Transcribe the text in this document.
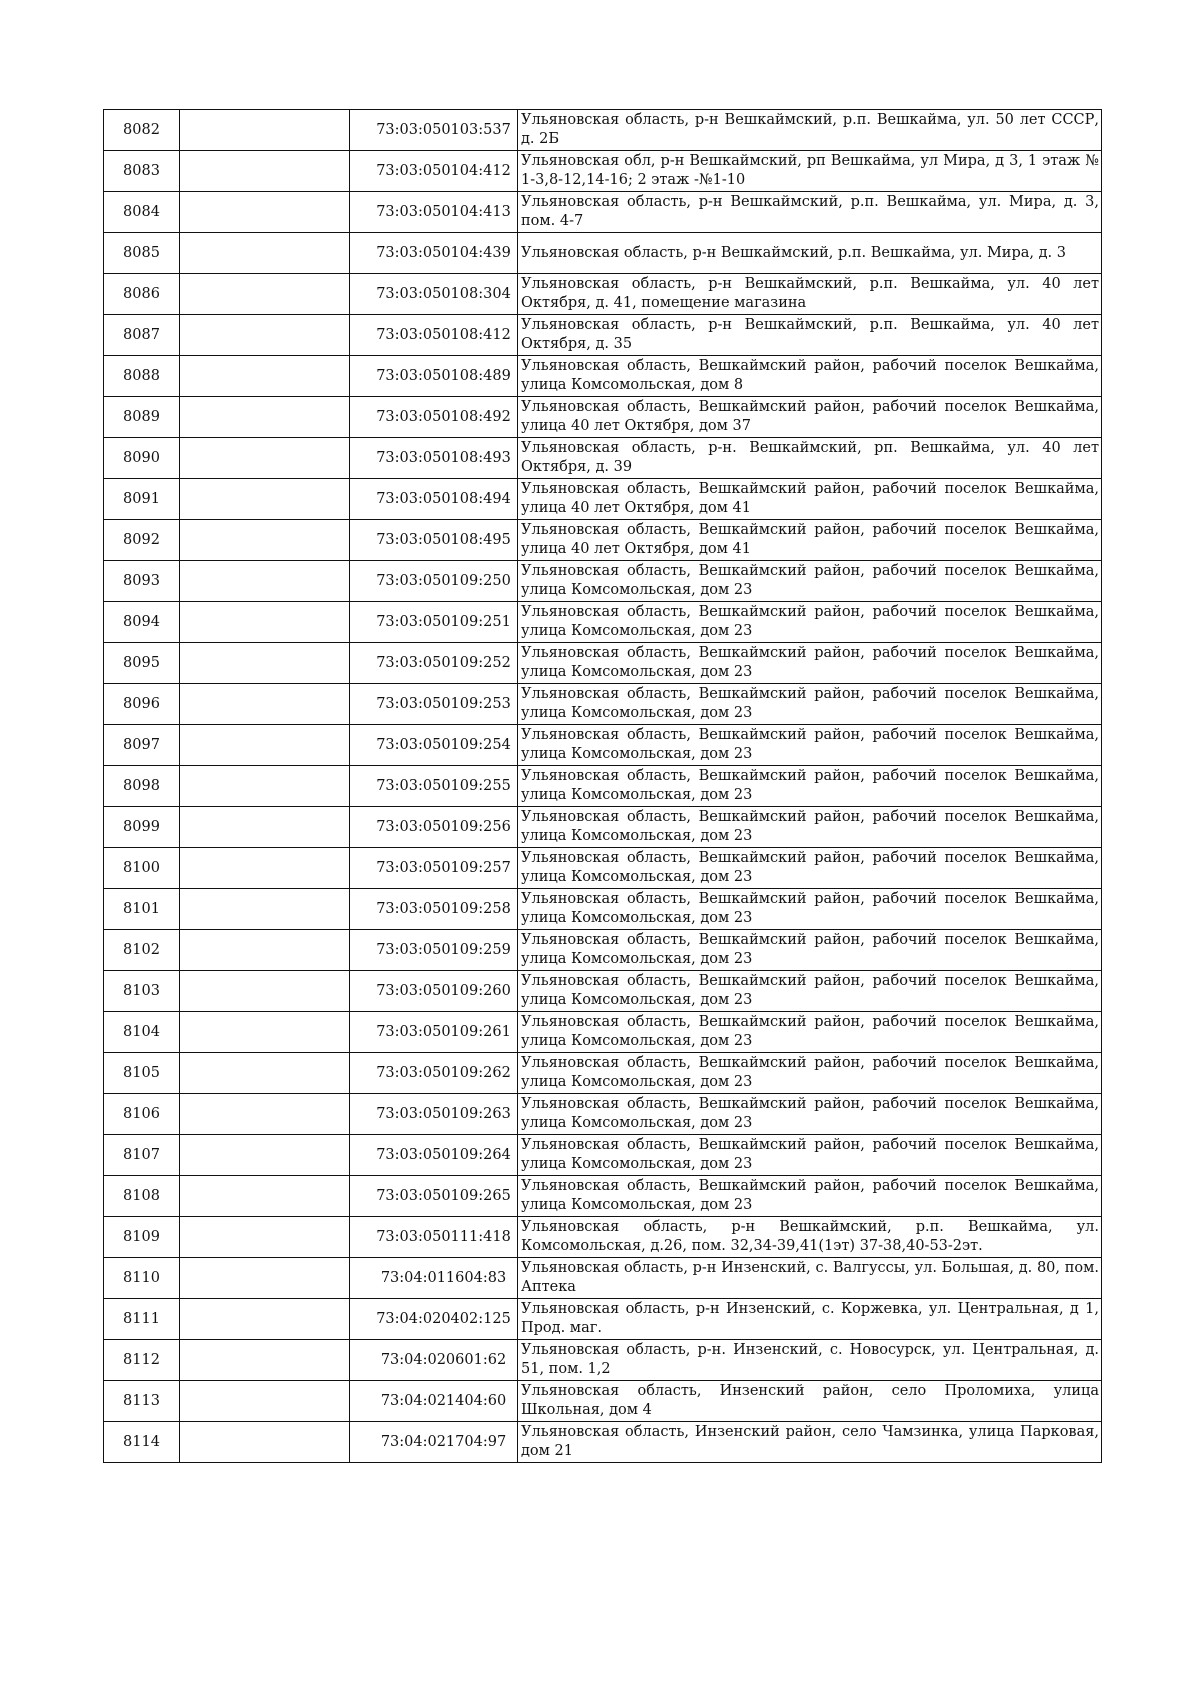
8082		73:03:050103:537	Ульяновская область, р-н Вешкаймский, р.п. Вешкайма, ул. 50 лет СССР, д. 2Б
8083		73:03:050104:412	Ульяновская обл, р-н Вешкаймский, рп Вешкайма, ул Мира, д 3, 1 этаж № 1-3,8-12,14-16; 2 этаж -№1-10
8084		73:03:050104:413	Ульяновская область, р-н Вешкаймский, р.п. Вешкайма, ул. Мира, д. 3, пом. 4-7
8085		73:03:050104:439	Ульяновская область, р-н Вешкаймский, р.п. Вешкайма, ул. Мира, д. 3
8086		73:03:050108:304	Ульяновская область, р-н Вешкаймский, р.п. Вешкайма, ул. 40 лет Октября, д. 41, помещение магазина
8087		73:03:050108:412	Ульяновская область, р-н Вешкаймский, р.п. Вешкайма, ул. 40 лет Октября, д. 35
8088		73:03:050108:489	Ульяновская область, Вешкаймский район, рабочий поселок Вешкайма, улица Комсомольская, дом 8
8089		73:03:050108:492	Ульяновская область, Вешкаймский район, рабочий поселок Вешкайма, улица 40 лет Октября, дом 37
8090		73:03:050108:493	Ульяновская область, р-н. Вешкаймский, рп. Вешкайма, ул. 40 лет Октября, д. 39
8091		73:03:050108:494	Ульяновская область, Вешкаймский район, рабочий поселок Вешкайма, улица 40 лет Октября, дом 41
8092		73:03:050108:495	Ульяновская область, Вешкаймский район, рабочий поселок Вешкайма, улица 40 лет Октября, дом 41
8093		73:03:050109:250	Ульяновская область, Вешкаймский район, рабочий поселок Вешкайма, улица Комсомольская, дом 23
8094		73:03:050109:251	Ульяновская область, Вешкаймский район, рабочий поселок Вешкайма, улица Комсомольская, дом 23
8095		73:03:050109:252	Ульяновская область, Вешкаймский район, рабочий поселок Вешкайма, улица Комсомольская, дом 23
8096		73:03:050109:253	Ульяновская область, Вешкаймский район, рабочий поселок Вешкайма, улица Комсомольская, дом 23
8097		73:03:050109:254	Ульяновская область, Вешкаймский район, рабочий поселок Вешкайма, улица Комсомольская, дом 23
8098		73:03:050109:255	Ульяновская область, Вешкаймский район, рабочий поселок Вешкайма, улица Комсомольская, дом 23
8099		73:03:050109:256	Ульяновская область, Вешкаймский район, рабочий поселок Вешкайма, улица Комсомольская, дом 23
8100		73:03:050109:257	Ульяновская область, Вешкаймский район, рабочий поселок Вешкайма, улица Комсомольская, дом 23
8101		73:03:050109:258	Ульяновская область, Вешкаймский район, рабочий поселок Вешкайма, улица Комсомольская, дом 23
8102		73:03:050109:259	Ульяновская область, Вешкаймский район, рабочий поселок Вешкайма, улица Комсомольская, дом 23
8103		73:03:050109:260	Ульяновская область, Вешкаймский район, рабочий поселок Вешкайма, улица Комсомольская, дом 23
8104		73:03:050109:261	Ульяновская область, Вешкаймский район, рабочий поселок Вешкайма, улица Комсомольская, дом 23
8105		73:03:050109:262	Ульяновская область, Вешкаймский район, рабочий поселок Вешкайма, улица Комсомольская, дом 23
8106		73:03:050109:263	Ульяновская область, Вешкаймский район, рабочий поселок Вешкайма, улица Комсомольская, дом 23
8107		73:03:050109:264	Ульяновская область, Вешкаймский район, рабочий поселок Вешкайма, улица Комсомольская, дом 23
8108		73:03:050109:265	Ульяновская область, Вешкаймский район, рабочий поселок Вешкайма, улица Комсомольская, дом 23
8109		73:03:050111:418	Ульяновская область, р-н Вешкаймский, р.п. Вешкайма, ул. Комсомольская, д.26, пом. 32,34-39,41(1эт) 37-38,40-53-2эт.
8110		73:04:011604:83	Ульяновская область, р-н Инзенский, с. Валгуссы, ул. Большая, д. 80, пом. Аптека
8111		73:04:020402:125	Ульяновская область, р-н Инзенский, с. Коржевка, ул. Центральная, д 1, Прод. маг.
8112		73:04:020601:62	Ульяновская область, р-н. Инзенский, с. Новосурск, ул. Центральная, д. 51, пом. 1,2
8113		73:04:021404:60	Ульяновская область, Инзенский район, село Проломиха, улица Школьная, дом 4
8114		73:04:021704:97	Ульяновская область, Инзенский район, село Чамзинка, улица Парковая, дом 21
